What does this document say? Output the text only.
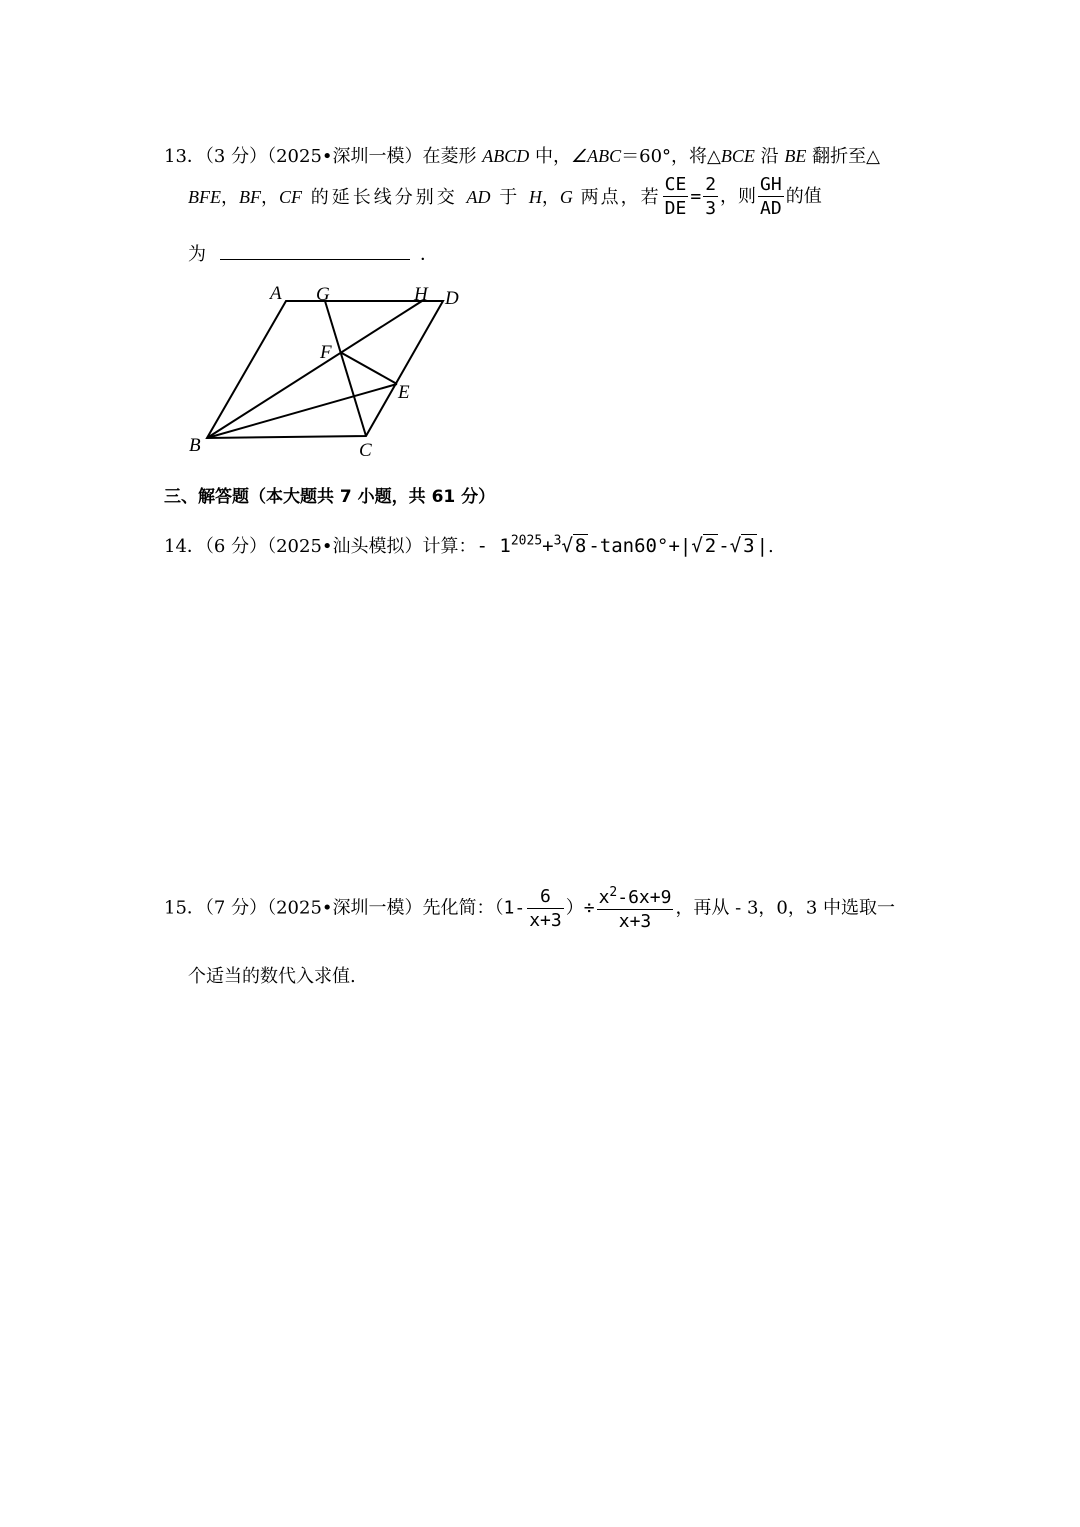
13．（3 分）（2025•深圳一模）在菱形 ABCD 中，∠ABC＝60°，将△BCE 沿 BE 翻折至△
BFE，BF，CF 的延长线分别交 AD 于 H，G 两点，若 $\frac{CE}{DE} = \frac{2}{3}$ ，则 $\frac{GH}{AD}$ 的值
为	．
A G	H D
F
E
B	C
三、解答题（本大题共 7 小题，共 61 分）
14．（6 分）（2025•汕头模拟）计算：- $1^{2025}+^3√$ 8 -tan60°+|√ 2 -√ 3 |.
15．（7 分）（2025•深圳一模）先化简：（$1- \frac{6}{x+3}$ ）÷ $\frac{x^2-6x+9}{x+3}$ ，再从 - 3，0，3 中选取一
个适当的数代入求值.
